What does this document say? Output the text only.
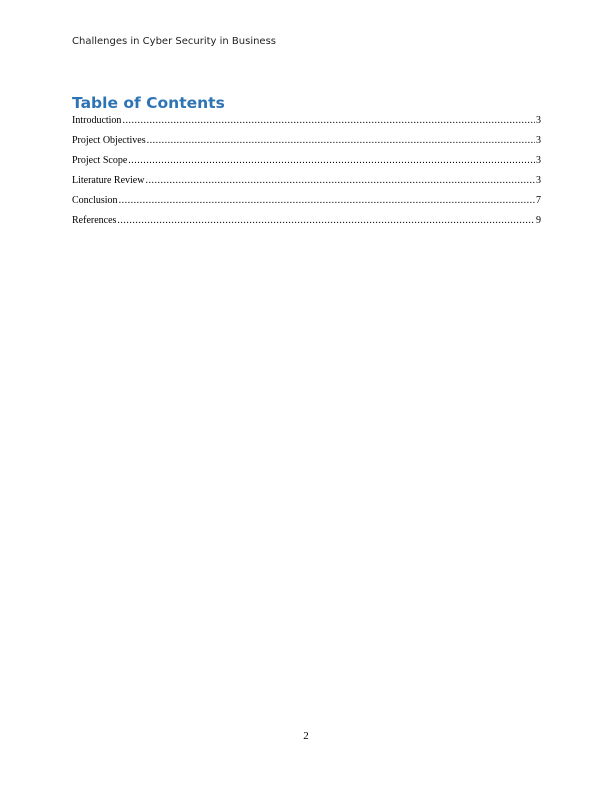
Challenges in Cyber Security in Business
Table of Contents
Introduction .....	3
Project Objectives .....	3
Project Scope .....	3
Literature Review .....	3
Conclusion .....	7
References .....	9
2
